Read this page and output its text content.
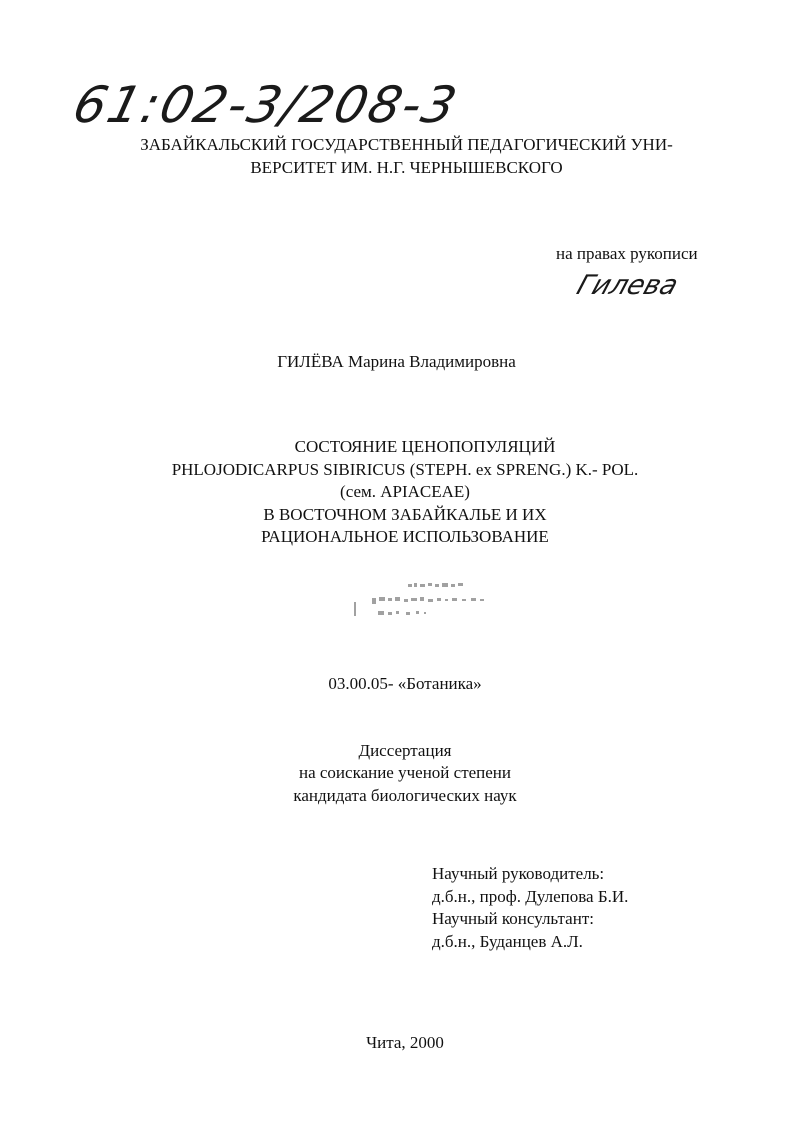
61:02-3/208-3
ЗАБАЙКАЛЬСКИЙ ГОСУДАРСТВЕННЫЙ ПЕДАГОГИЧЕСКИЙ УНИ-
ВЕРСИТЕТ ИМ. Н.Г. ЧЕРНЫШЕВСКОГО
на правах рукописи
Гилева
ГИЛЁВА Марина Владимировна
СОСТОЯНИЕ ЦЕНОПОПУЛЯЦИЙ
PHLOJODICARPUS SIBIRICUS (STEPH. ex SPRENG.) K.- POL.
(сем. APIACEAE)
В ВОСТОЧНОМ ЗАБАЙКАЛЬЕ И ИХ
РАЦИОНАЛЬНОЕ ИСПОЛЬЗОВАНИЕ
03.00.05- «Ботаника»
Диссертация
на соискание ученой степени
кандидата биологических наук
Научный руководитель:
д.б.н., проф. Дулепова Б.И.
Научный консультант:
д.б.н., Буданцев А.Л.
Чита, 2000
